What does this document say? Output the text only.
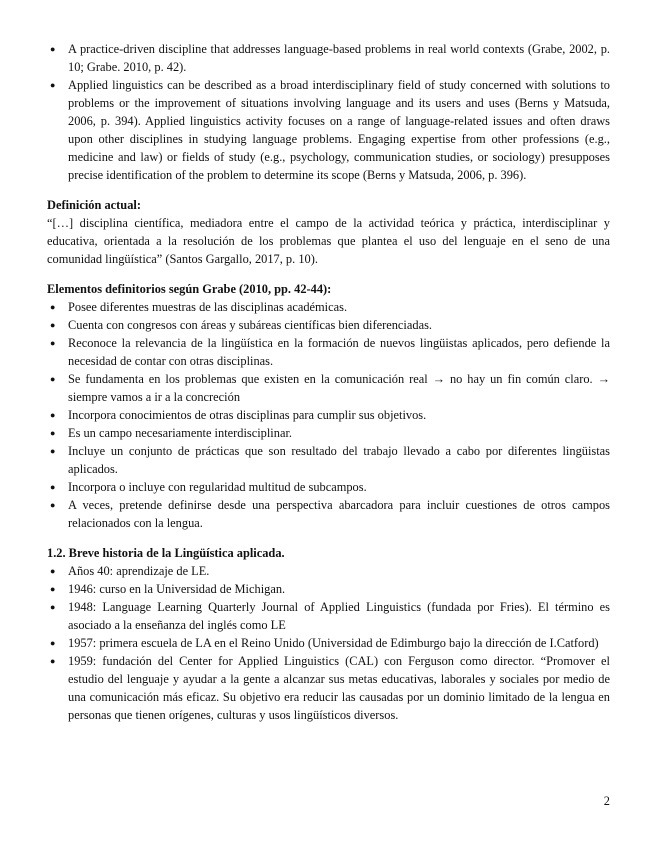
● A practice-driven discipline that addresses language-based problems in real world contexts (Grabe, 2002, p. 10; Grabe. 2010, p. 42).
● Applied linguistics can be described as a broad interdisciplinary field of study concerned with solutions to problems or the improvement of situations involving language and its users and uses (Berns y Matsuda, 2006, p. 394). Applied linguistics activity focuses on a range of language-related issues and often draws upon other disciplines in studying language problems. Engaging expertise from other professions (e.g., medicine and law) or fields of study (e.g., psychology, communication studies, or sociology) presupposes precise identification of the problem to determine its scope (Berns y Matsuda, 2006, p. 396).
Definición actual:
“[…] disciplina científica, mediadora entre el campo de la actividad teórica y práctica, interdisciplinar y educativa, orientada a la resolución de los problemas que plantea el uso del lenguaje en el seno de una comunidad lingüística” (Santos Gargallo, 2017, p. 10).
Elementos definitorios según Grabe (2010, pp. 42-44):
● Posee diferentes muestras de las disciplinas académicas.
● Cuenta con congresos con áreas y subáreas científicas bien diferenciadas.
● Reconoce la relevancia de la lingüística en la formación de nuevos lingüistas aplicados, pero defiende la necesidad de contar con otras disciplinas.
● Se fundamenta en los problemas que existen en la comunicación real → no hay un fin común claro. → siempre vamos a ir a la concreción
● Incorpora conocimientos de otras disciplinas para cumplir sus objetivos.
● Es un campo necesariamente interdisciplinar.
● Incluye un conjunto de prácticas que son resultado del trabajo llevado a cabo por diferentes lingüistas aplicados.
● Incorpora o incluye con regularidad multitud de subcampos.
● A veces, pretende definirse desde una perspectiva abarcadora para incluir cuestiones de otros campos relacionados con la lengua.
1.2. Breve historia de la Lingüística aplicada.
● Años 40: aprendizaje de LE.
● 1946: curso en la Universidad de Michigan.
● 1948: Language Learning Quarterly Journal of Applied Linguistics (fundada por Fries). El término es asociado a la enseñanza del inglés como LE
● 1957: primera escuela de LA en el Reino Unido (Universidad de Edimburgo bajo la dirección de I.Catford)
● 1959: fundación del Center for Applied Linguistics (CAL) con Ferguson como director. “Promover el estudio del lenguaje y ayudar a la gente a alcanzar sus metas educativas, laborales y sociales por medio de una comunicación más eficaz. Su objetivo era reducir las causadas por un dominio limitado de la lengua en personas que tienen orígenes, culturas y usos lingüísticos diversos.
2
